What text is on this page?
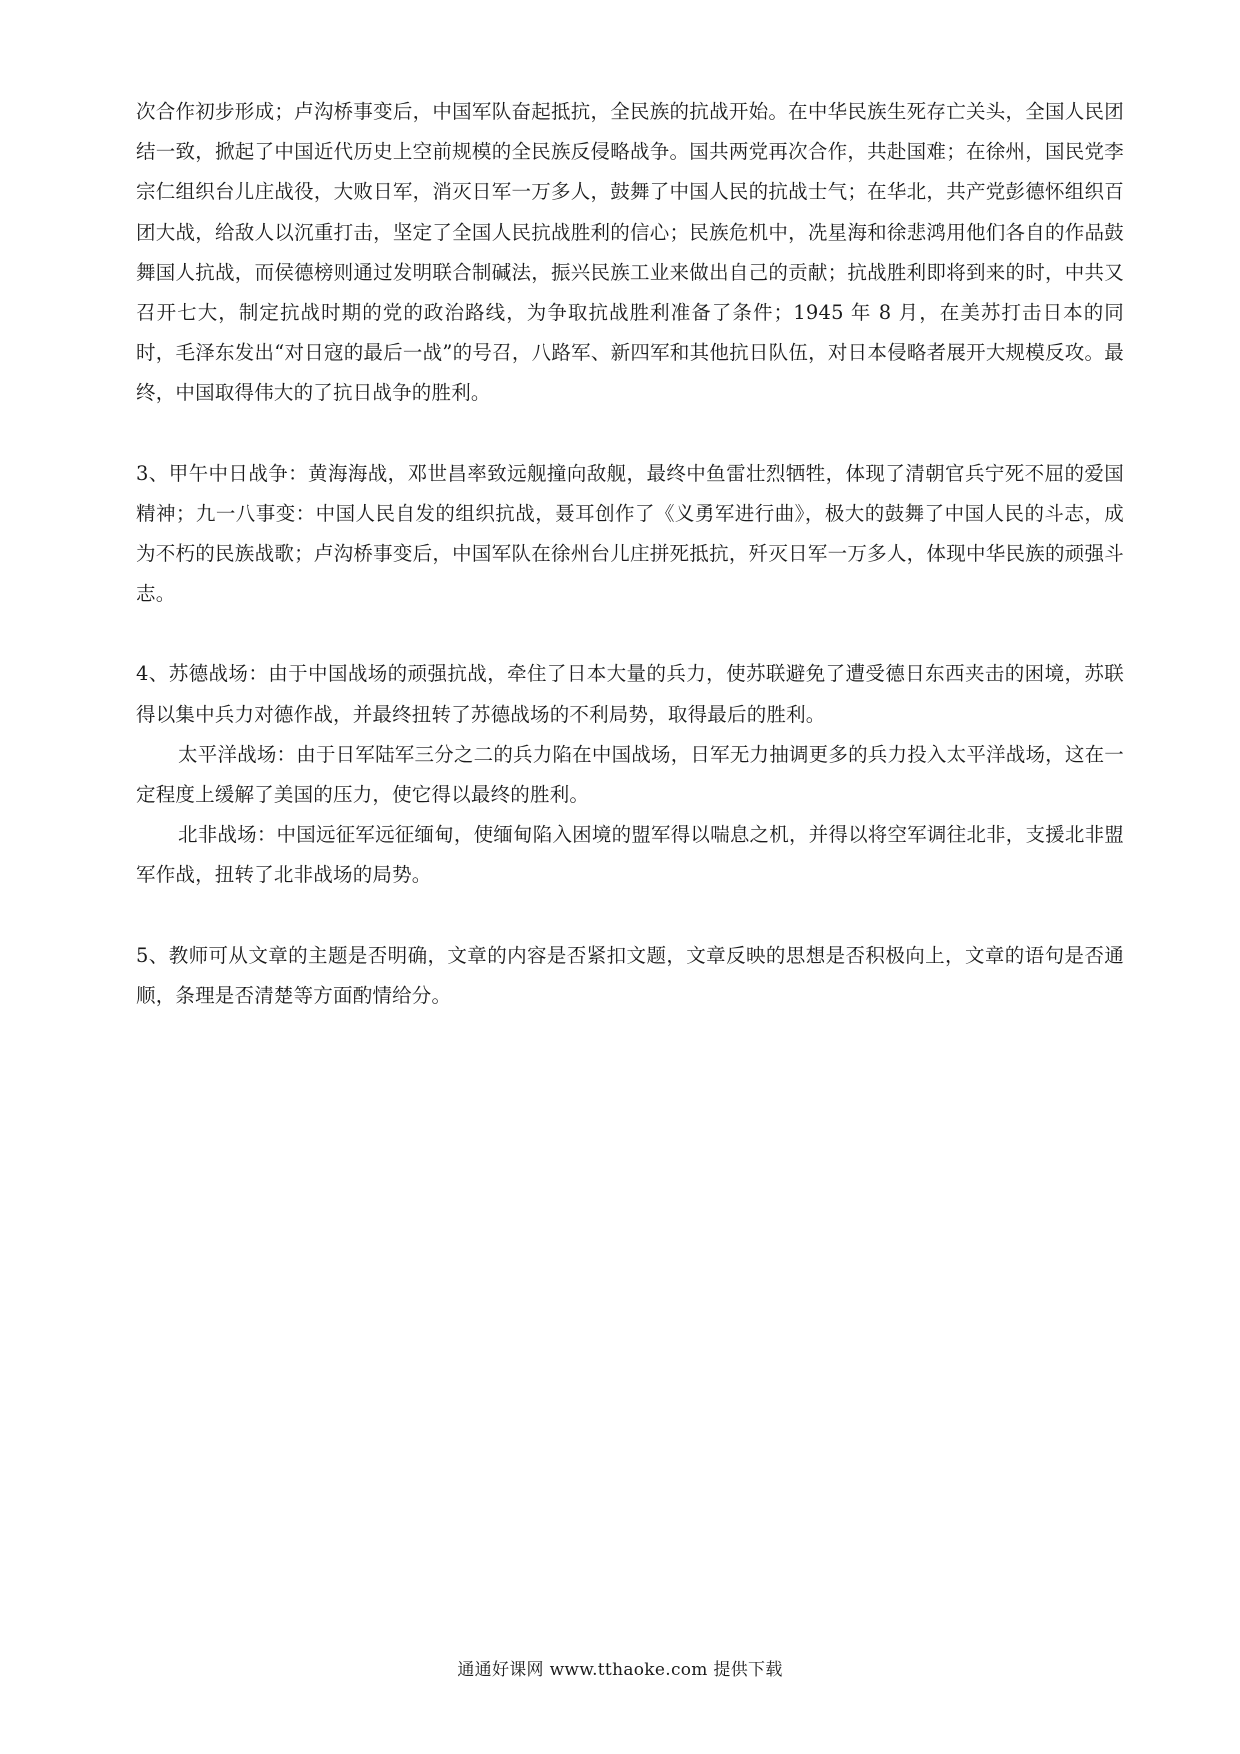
次合作初步形成；卢沟桥事变后，中国军队奋起抵抗，全民族的抗战开始。在中华民族生死存亡关头，全国人民团结一致，掀起了中国近代历史上空前规模的全民族反侵略战争。国共两党再次合作，共赴国难；在徐州，国民党李宗仁组织台儿庄战役，大败日军，消灭日军一万多人，鼓舞了中国人民的抗战士气；在华北，共产党彭德怀组织百团大战，给敌人以沉重打击，坚定了全国人民抗战胜利的信心；民族危机中，冼星海和徐悲鸿用他们各自的作品鼓舞国人抗战，而侯德榜则通过发明联合制碱法，振兴民族工业来做出自己的贡献；抗战胜利即将到来的时，中共又召开七大，制定抗战时期的党的政治路线，为争取抗战胜利准备了条件；1945 年 8 月，在美苏打击日本的同时，毛泽东发出“对日寇的最后一战”的号召，八路军、新四军和其他抗日队伍，对日本侵略者展开大规模反攻。最终，中国取得伟大的了抗日战争的胜利。

3、甲午中日战争：黄海海战，邓世昌率致远舰撞向敌舰，最终中鱼雷壮烈牺牲，体现了清朝官兵宁死不屈的爱国精神；九一八事变：中国人民自发的组织抗战，聂耳创作了《义勇军进行曲》，极大的鼓舞了中国人民的斗志，成为不朽的民族战歌；卢沟桥事变后，中国军队在徐州台儿庄拼死抵抗，歼灭日军一万多人，体现中华民族的顽强斗志。

4、苏德战场：由于中国战场的顽强抗战，牵住了日本大量的兵力，使苏联避免了遭受德日东西夹击的困境，苏联得以集中兵力对德作战，并最终扭转了苏德战场的不利局势，取得最后的胜利。

太平洋战场：由于日军陆军三分之二的兵力陷在中国战场，日军无力抽调更多的兵力投入太平洋战场，这在一定程度上缓解了美国的压力，使它得以最终的胜利。

北非战场：中国远征军远征缅甸，使缅甸陷入困境的盟军得以喘息之机，并得以将空军调往北非，支援北非盟军作战，扭转了北非战场的局势。

5、教师可从文章的主题是否明确，文章的内容是否紧扣文题，文章反映的思想是否积极向上，文章的语句是否通顺，条理是否清楚等方面酌情给分。

通通好课网 www.tthaoke.com 提供下载
